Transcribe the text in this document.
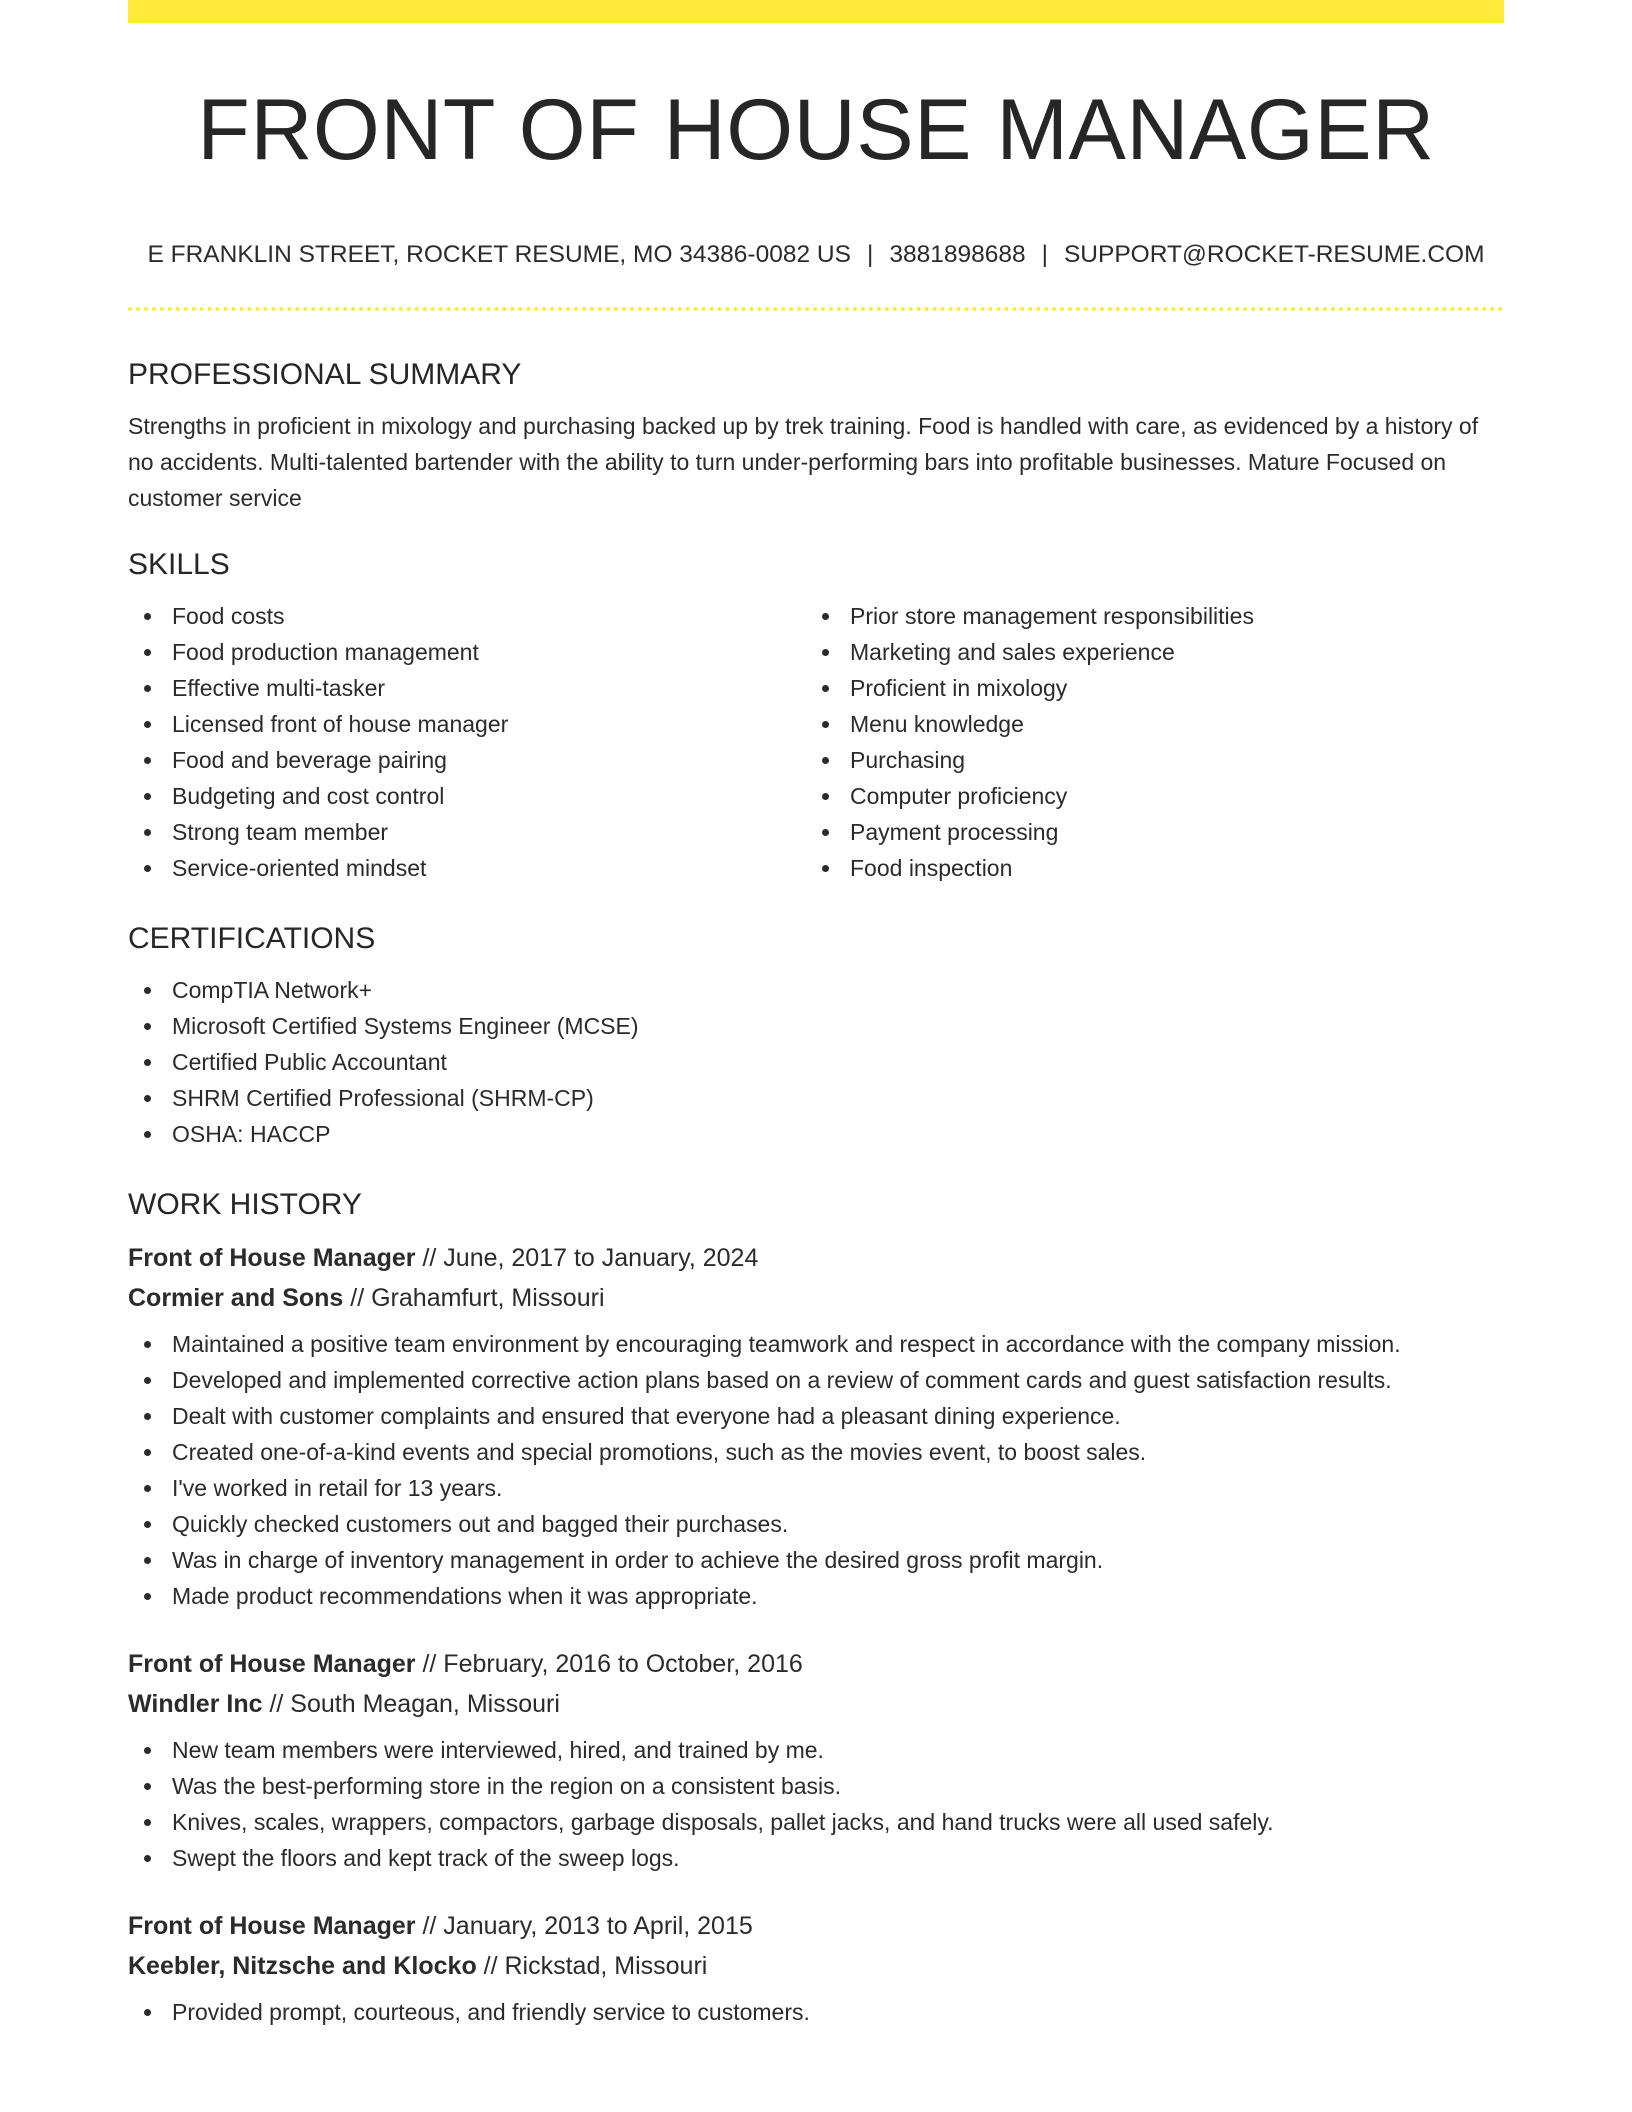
FRONT OF HOUSE MANAGER
E FRANKLIN STREET, ROCKET RESUME, MO 34386-0082 US | 3881898688 | SUPPORT@ROCKET-RESUME.COM
PROFESSIONAL SUMMARY

Strengths in proficient in mixology and purchasing backed up by trek training. Food is handled with care, as evidenced by a history of no accidents. Multi-talented bartender with the ability to turn under-performing bars into profitable businesses. Mature Focused on customer service

SKILLS
Food costs
Food production management
Effective multi-tasker
Licensed front of house manager
Food and beverage pairing
Budgeting and cost control
Strong team member
Service-oriented mindset
Prior store management responsibilities
Marketing and sales experience
Proficient in mixology
Menu knowledge
Purchasing
Computer proficiency
Payment processing
Food inspection
CERTIFICATIONS
CompTIA Network+
Microsoft Certified Systems Engineer (MCSE)
Certified Public Accountant
SHRM Certified Professional (SHRM-CP)
OSHA: HACCP
WORK HISTORY
Front of House Manager // June, 2017 to January, 2024
Cormier and Sons // Grahamfurt, Missouri
Maintained a positive team environment by encouraging teamwork and respect in accordance with the company mission.
Developed and implemented corrective action plans based on a review of comment cards and guest satisfaction results.
Dealt with customer complaints and ensured that everyone had a pleasant dining experience.
Created one-of-a-kind events and special promotions, such as the movies event, to boost sales.
I've worked in retail for 13 years.
Quickly checked customers out and bagged their purchases.
Was in charge of inventory management in order to achieve the desired gross profit margin.
Made product recommendations when it was appropriate.
Front of House Manager // February, 2016 to October, 2016
Windler Inc // South Meagan, Missouri
New team members were interviewed, hired, and trained by me.
Was the best-performing store in the region on a consistent basis.
Knives, scales, wrappers, compactors, garbage disposals, pallet jacks, and hand trucks were all used safely.
Swept the floors and kept track of the sweep logs.
Front of House Manager // January, 2013 to April, 2015
Keebler, Nitzsche and Klocko // Rickstad, Missouri
Provided prompt, courteous, and friendly service to customers.
